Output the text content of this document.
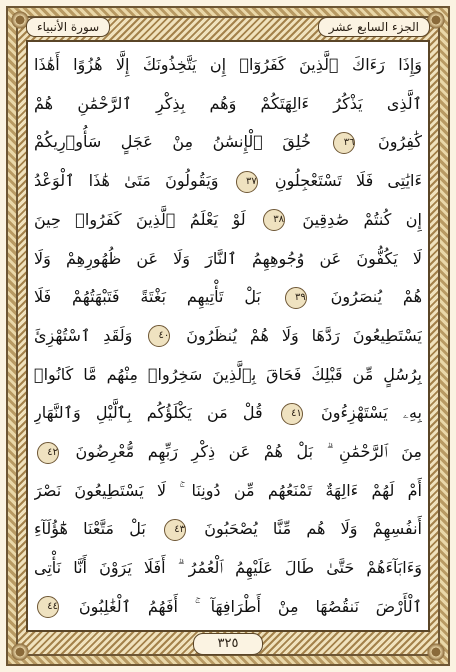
سورة الأنبياء	الجزء السابع عشر
وَإِذَا رَءَاكَ ٱلَّذِينَ كَفَرُوٓا۟ إِن يَتَّخِذُونَكَ إِلَّا هُزُوًا أَهَٰذَا
ٱلَّذِى يَذْكُرُ ءَالِهَتَكُمْ وَهُم بِذِكْرِ ٱلرَّحْمَٰنِ هُمْ
كَٰفِرُونَ ٣٦ خُلِقَ ٱلْإِنسَٰنُ مِنْ عَجَلٍ سَأُو۟رِيكُمْ
ءَايَٰتِى فَلَا تَسْتَعْجِلُونِ ٣٧ وَيَقُولُونَ مَتَىٰ هَٰذَا ٱلْوَعْدُ
إِن كُنتُمْ صَٰدِقِينَ ٣٨ لَوْ يَعْلَمُ ٱلَّذِينَ كَفَرُوا۟ حِينَ
لَا يَكُفُّونَ عَن وُجُوهِهِمُ ٱلنَّارَ وَلَا عَن ظُهُورِهِمْ وَلَا
هُمْ يُنصَرُونَ ٣٩ بَلْ تَأْتِيهِم بَغْتَةً فَتَبْهَتُهُمْ فَلَا
يَسْتَطِيعُونَ رَدَّهَا وَلَا هُمْ يُنظَرُونَ ٤٠ وَلَقَدِ ٱسْتُهْزِئَ
بِرُسُلٍ مِّن قَبْلِكَ فَحَاقَ بِٱلَّذِينَ سَخِرُوا۟ مِنْهُم مَّا كَانُوا۟
بِهِۦ يَسْتَهْزِءُونَ ٤١ قُلْ مَن يَكْلَؤُكُم بِٱلَّيْلِ وَٱلنَّهَارِ
مِنَ ٱلرَّحْمَٰنِ ۗ بَلْ هُمْ عَن ذِكْرِ رَبِّهِم مُّعْرِضُونَ ٤٢
أَمْ لَهُمْ ءَالِهَةٌ تَمْنَعُهُم مِّن دُونِنَا ۚ لَا يَسْتَطِيعُونَ نَصْرَ
أَنفُسِهِمْ وَلَا هُم مِّنَّا يُصْحَبُونَ ٤٣ بَلْ مَتَّعْنَا هَٰٓؤُلَآءِ
وَءَابَآءَهُمْ حَتَّىٰ طَالَ عَلَيْهِمُ ٱلْعُمُرُ ۗ أَفَلَا يَرَوْنَ أَنَّا نَأْتِى
ٱلْأَرْضَ نَنقُصُهَا مِنْ أَطْرَافِهَآ ۚ أَفَهُمُ ٱلْغَٰلِبُونَ ٤٤
٣٢٥
